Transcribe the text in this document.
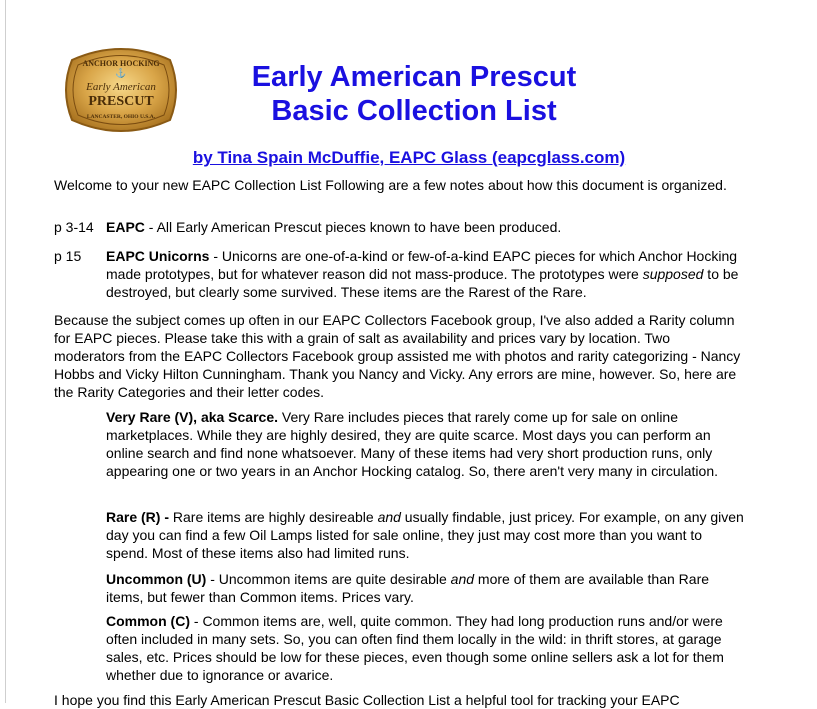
ANCHOR HOCKING
⚓
Early American
PRESCUT
LANCASTER, OHIO U.S.A.
Early American Prescut
Basic Collection List
by Tina Spain McDuffie, EAPC Glass (eapcglass.com)
Welcome to your new EAPC Collection List Following are a few notes about how this document is organized.
p 3-14 EAPC - All Early American Prescut pieces known to have been produced.
p 15	EAPC Unicorns - Unicorns are one-of-a-kind or few-of-a-kind EAPC pieces for which Anchor Hocking made prototypes, but for whatever reason did not mass-produce. The prototypes were supposed to be destroyed, but clearly some survived. These items are the Rarest of the Rare.
Because the subject comes up often in our EAPC Collectors Facebook group, I've also added a Rarity column for EAPC pieces. Please take this with a grain of salt as availability and prices vary by location. Two moderators from the EAPC Collectors Facebook group assisted me with photos and rarity categorizing - Nancy Hobbs and Vicky Hilton Cunningham. Thank you Nancy and Vicky. Any errors are mine, however. So, here are the Rarity Categories and their letter codes.
Very Rare (V), aka Scarce. Very Rare includes pieces that rarely come up for sale on online marketplaces. While they are highly desired, they are quite scarce. Most days you can perform an online search and find none whatsoever. Many of these items had very short production runs, only appearing one or two years in an Anchor Hocking catalog. So, there aren't very many in circulation.
Rare (R) - Rare items are highly desireable and usually findable, just pricey. For example, on any given day you can find a few Oil Lamps listed for sale online, they just may cost more than you want to spend. Most of these items also had limited runs.
Uncommon (U) - Uncommon items are quite desirable and more of them are available than Rare items, but fewer than Common items. Prices vary.
Common (C) - Common items are, well, quite common. They had long production runs and/or were often included in many sets. So, you can often find them locally in the wild: in thrift stores, at garage sales, etc. Prices should be low for these pieces, even though some online sellers ask a lot for them whether due to ignorance or avarice.
I hope you find this Early American Prescut Basic Collection List a helpful tool for tracking your EAPC
